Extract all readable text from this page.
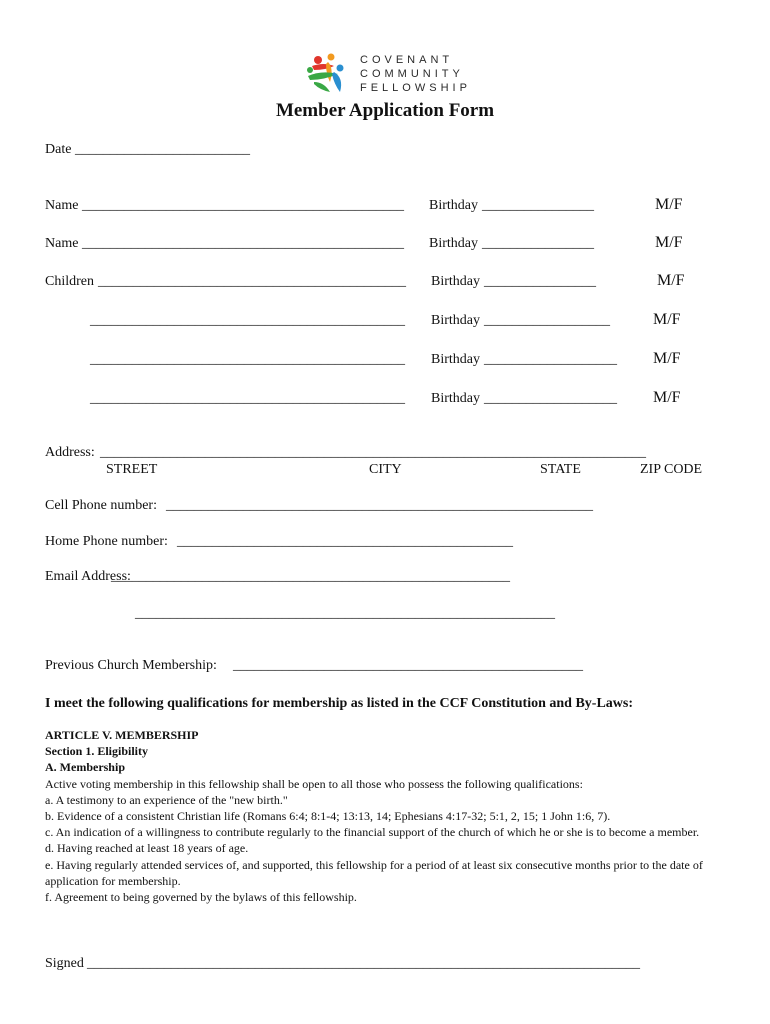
COVENANT
COMMUNITY
FELLOWSHIP
Member Application Form
Date _________________________
Name ______________________________________________ Birthday ________________	M/F
Name ______________________________________________ Birthday ________________	M/F
Children ____________________________________________ Birthday ________________	M/F
_____________________________________________ Birthday __________________	M/F
_____________________________________________ Birthday ___________________ M/F
_____________________________________________ Birthday ___________________ M/F
Address: ______________________________________________________________________________
STREET	CITY	STATE	ZIP CODE
Cell Phone number: _____________________________________________________________
Home Phone number: ________________________________________________
Email Address:
_________________________________________________________
____________________________________________________________
Previous Church Membership: __________________________________________________
I meet the following qualifications for membership as listed in the CCF Constitution and By-Laws:

ARTICLE V. MEMBERSHIP

Section 1. Eligibility

A. Membership

Active voting membership in this fellowship shall be open to all those who possess the following qualifications:

a. A testimony to an experience of the "new birth."

b. Evidence of a consistent Christian life (Romans 6:4; 8:1-4; 13:13, 14; Ephesians 4:17-32; 5:1, 2, 15; 1 John 1:6, 7).

c. An indication of a willingness to contribute regularly to the financial support of the church of which he or she is to become a member.

d. Having reached at least 18 years of age.

e. Having regularly attended services of, and supported, this fellowship for a period of at least six consecutive months prior to the date of application for membership.

f. Agreement to being governed by the bylaws of this fellowship.

Signed _______________________________________________________________________________
